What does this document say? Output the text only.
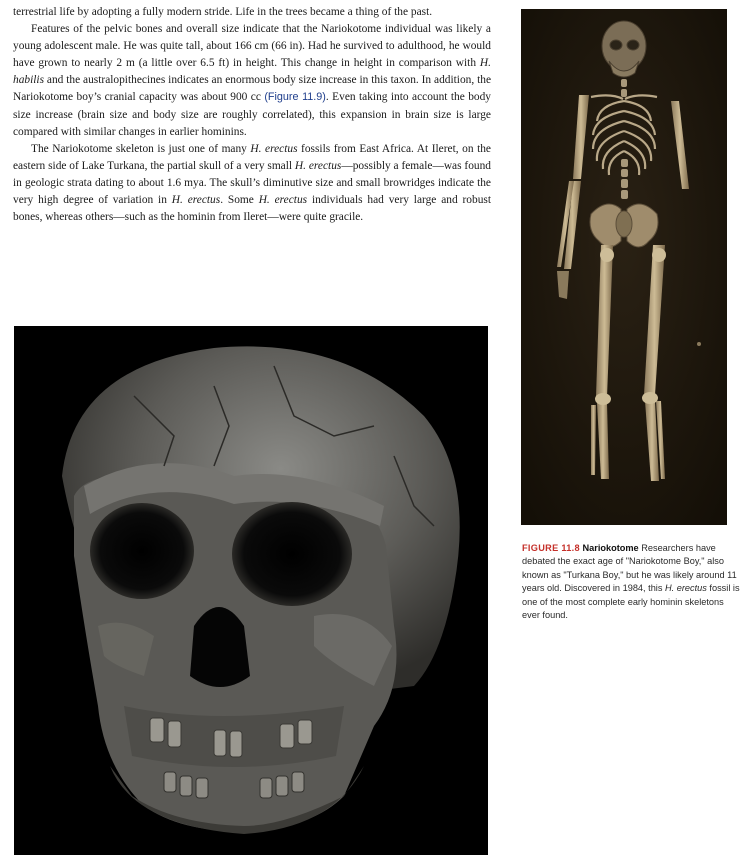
terrestrial life by adopting a fully modern stride. Life in the trees became a thing of the past.

Features of the pelvic bones and overall size indicate that the Nariokotome individual was likely a young adolescent male. He was quite tall, about 166 cm (66 in). Had he survived to adulthood, he would have grown to nearly 2 m (a little over 6.5 ft) in height. This change in height in comparison with H. habilis and the australopithecines indicates an enormous body size increase in this taxon. In addition, the Nariokotome boy’s cranial capacity was about 900 cc (Figure 11.9). Even taking into account the body size increase (brain size and body size are roughly correlated), this expansion in brain size is large compared with similar changes in earlier hominins.

The Nariokotome skeleton is just one of many H. erectus fossils from East Africa. At Ileret, on the eastern side of Lake Turkana, the partial skull of a very small H. erectus—possibly a female—was found in geologic strata dating to about 1.6 mya. The skull’s diminutive size and small browridges indicate the very high degree of variation in H. erectus. Some H. erectus individuals had very large and robust bones, whereas others—such as the hominin from Ileret—were quite gracile.

FIGURE 11.8 Nariokotome Researchers have debated the exact age of "Nariokotome Boy," also known as "Turkana Boy," but he was likely around 11 years old. Discovered in 1984, this H. erectus fossil is one of the most complete early hominin skeletons ever found.
